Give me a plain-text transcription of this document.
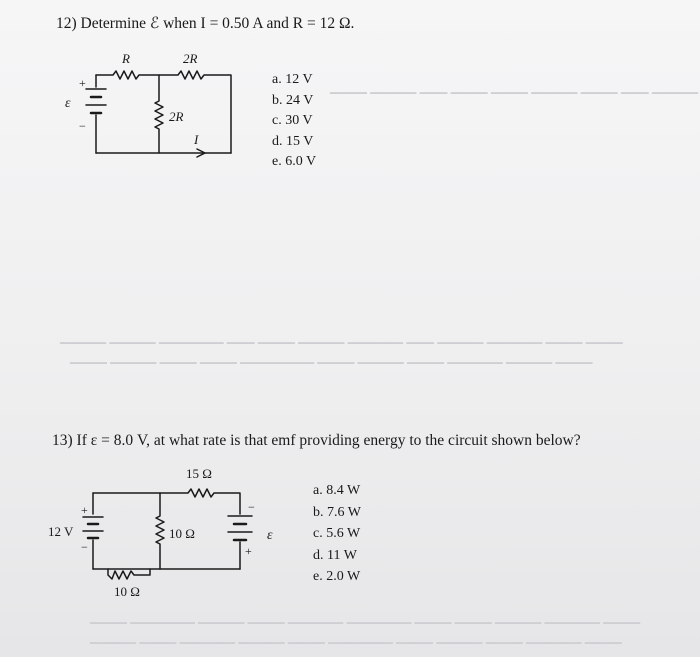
▁▁▁▁ ▁▁▁▁▁ ▁▁▁ ▁▁▁▁ ▁▁▁▁ ▁▁▁▁▁ ▁▁▁▁ ▁▁▁ ▁▁▁▁▁
▁▁▁▁▁ ▁▁▁▁▁ ▁▁▁▁▁▁▁ ▁▁▁ ▁▁▁▁ ▁▁▁▁▁ ▁▁▁▁▁▁ ▁▁▁ ▁▁▁▁▁ ▁▁▁▁▁▁ ▁▁▁▁ ▁▁▁▁
▁▁▁▁ ▁▁▁▁▁ ▁▁▁▁ ▁▁▁▁ ▁▁▁▁▁▁▁▁ ▁▁▁▁ ▁▁▁▁▁ ▁▁▁▁ ▁▁▁▁▁▁ ▁▁▁▁▁ ▁▁▁▁
▁▁▁▁ ▁▁▁▁▁▁▁ ▁▁▁▁▁ ▁▁▁▁ ▁▁▁▁▁▁ ▁▁▁▁▁▁▁ ▁▁▁▁ ▁▁▁▁ ▁▁▁▁▁ ▁▁▁▁▁▁ ▁▁▁▁
▁▁▁▁▁ ▁▁▁▁ ▁▁▁▁▁▁ ▁▁▁▁▁ ▁▁▁▁ ▁▁▁▁▁▁▁ ▁▁▁▁ ▁▁▁▁▁ ▁▁▁▁ ▁▁▁▁▁▁ ▁▁▁▁
12) Determine ℰ when I = 0.50 A and R = 12 Ω.
R	2R
2R
ε
+
−
I
a. 12 V
b. 24 V
c. 30 V
d. 15 V
e. 6.0 V
13) If ε = 8.0 V, at what rate is that emf providing energy to the circuit shown below?
15 Ω
10 Ω
10 Ω
12 V	ε
+
−
−
+
a. 8.4 W
b. 7.6 W
c. 5.6 W
d. 11 W
e. 2.0 W
